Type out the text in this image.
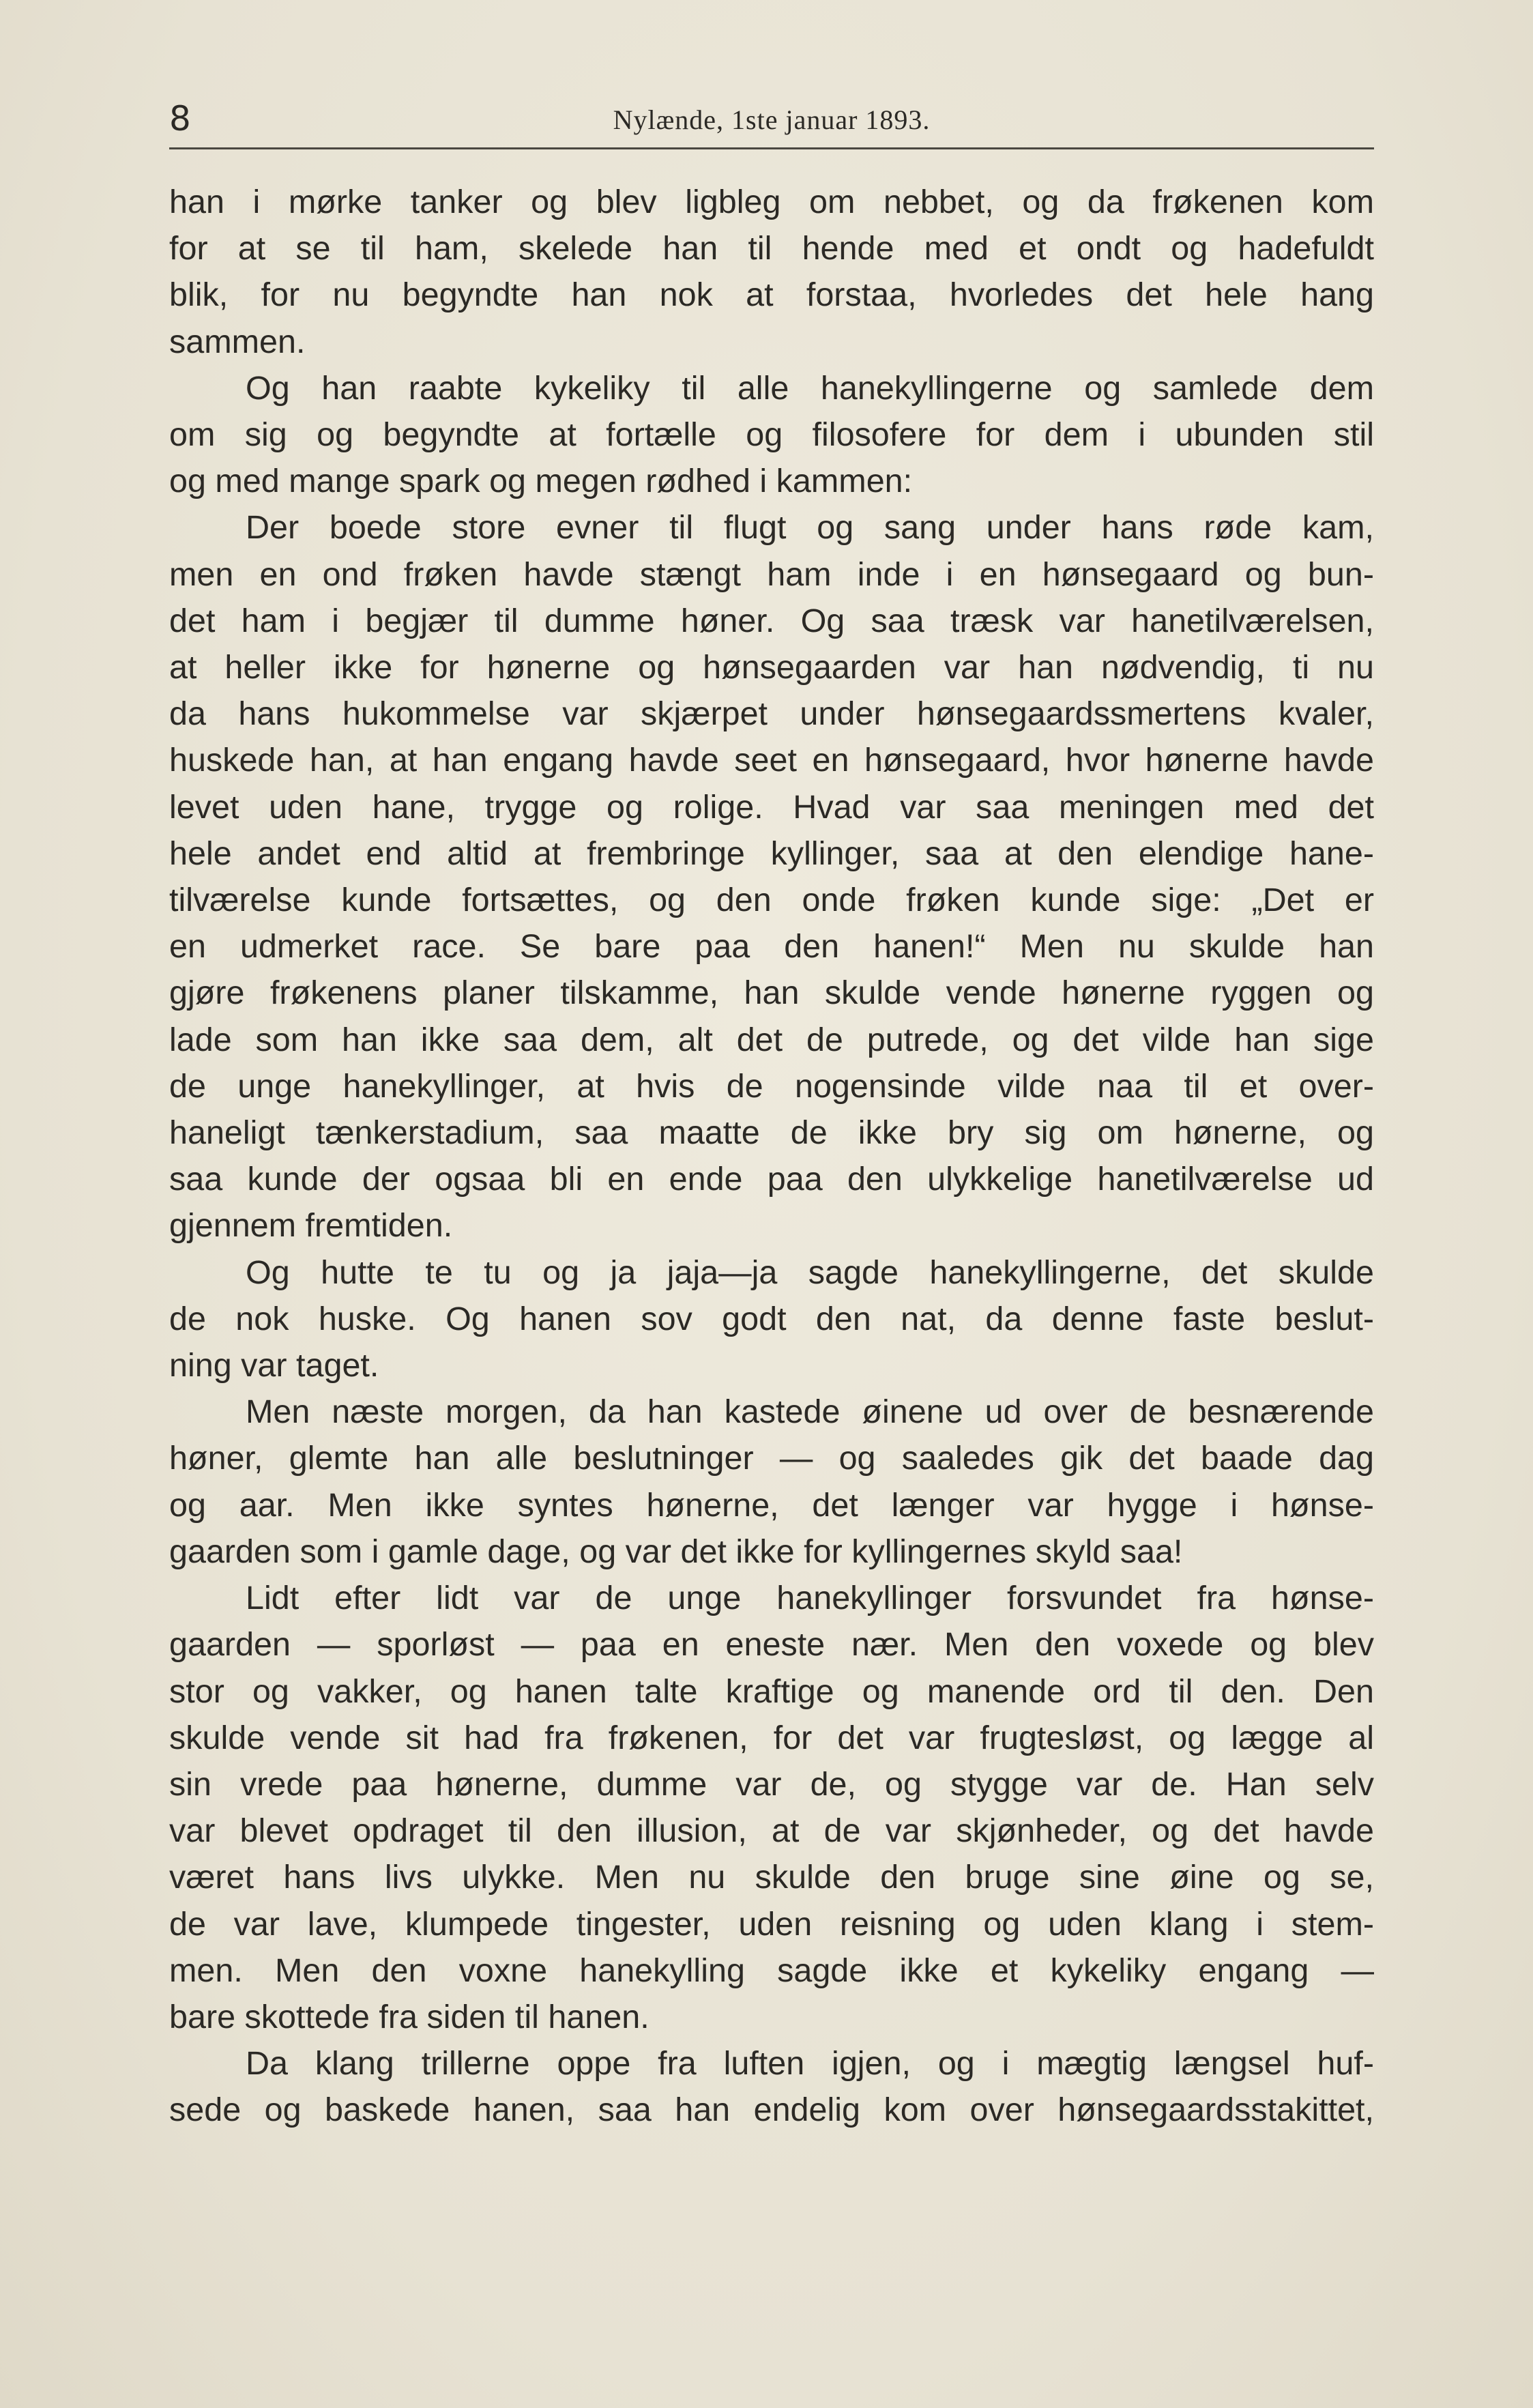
8	Nylænde, 1ste januar 1893.

han i mørke tanker og blev ligbleg om nebbet, og da frøkenen kom

for at se til ham, skelede han til hende med et ondt og hadefuldt

blik, for nu begyndte han nok at forstaa, hvorledes det hele hang

sammen.

Og han raabte kykeliky til alle hanekyllingerne og samlede dem

om sig og begyndte at fortælle og filosofere for dem i ubunden stil

og med mange spark og megen rødhed i kammen:

Der boede store evner til flugt og sang under hans røde kam,

men en ond frøken havde stængt ham inde i en hønsegaard og bun-

det ham i begjær til dumme høner. Og saa træsk var hanetilværelsen,

at heller ikke for hønerne og hønsegaarden var han nødvendig, ti nu

da hans hukommelse var skjærpet under hønsegaardssmertens kvaler,

huskede han, at han engang havde seet en hønsegaard, hvor hønerne havde

levet uden hane, trygge og rolige. Hvad var saa meningen med det

hele andet end altid at frembringe kyllinger, saa at den elendige hane-

tilværelse kunde fortsættes, og den onde frøken kunde sige: „Det er

en udmerket race. Se bare paa den hanen!“ Men nu skulde han

gjøre frøkenens planer tilskamme, han skulde vende hønerne ryggen og

lade som han ikke saa dem, alt det de putrede, og det vilde han sige

de unge hanekyllinger, at hvis de nogensinde vilde naa til et over-

haneligt tænkerstadium, saa maatte de ikke bry sig om hønerne, og

saa kunde der ogsaa bli en ende paa den ulykkelige hanetilværelse ud

gjennem fremtiden.

Og hutte te tu og ja jaja—ja sagde hanekyllingerne, det skulde

de nok huske. Og hanen sov godt den nat, da denne faste beslut-

ning var taget.

Men næste morgen, da han kastede øinene ud over de besnærende

høner, glemte han alle beslutninger — og saaledes gik det baade dag

og aar. Men ikke syntes hønerne, det længer var hygge i hønse-

gaarden som i gamle dage, og var det ikke for kyllingernes skyld saa!

Lidt efter lidt var de unge hanekyllinger forsvundet fra hønse-

gaarden — sporløst — paa en eneste nær. Men den voxede og blev

stor og vakker, og hanen talte kraftige og manende ord til den. Den

skulde vende sit had fra frøkenen, for det var frugtesløst, og lægge al

sin vrede paa hønerne, dumme var de, og stygge var de. Han selv

var blevet opdraget til den illusion, at de var skjønheder, og det havde

været hans livs ulykke. Men nu skulde den bruge sine øine og se,

de var lave, klumpede tingester, uden reisning og uden klang i stem-

men. Men den voxne hanekylling sagde ikke et kykeliky engang —

bare skottede fra siden til hanen.

Da klang trillerne oppe fra luften igjen, og i mægtig længsel huf-

sede og baskede hanen, saa han endelig kom over hønsegaardsstakittet,
